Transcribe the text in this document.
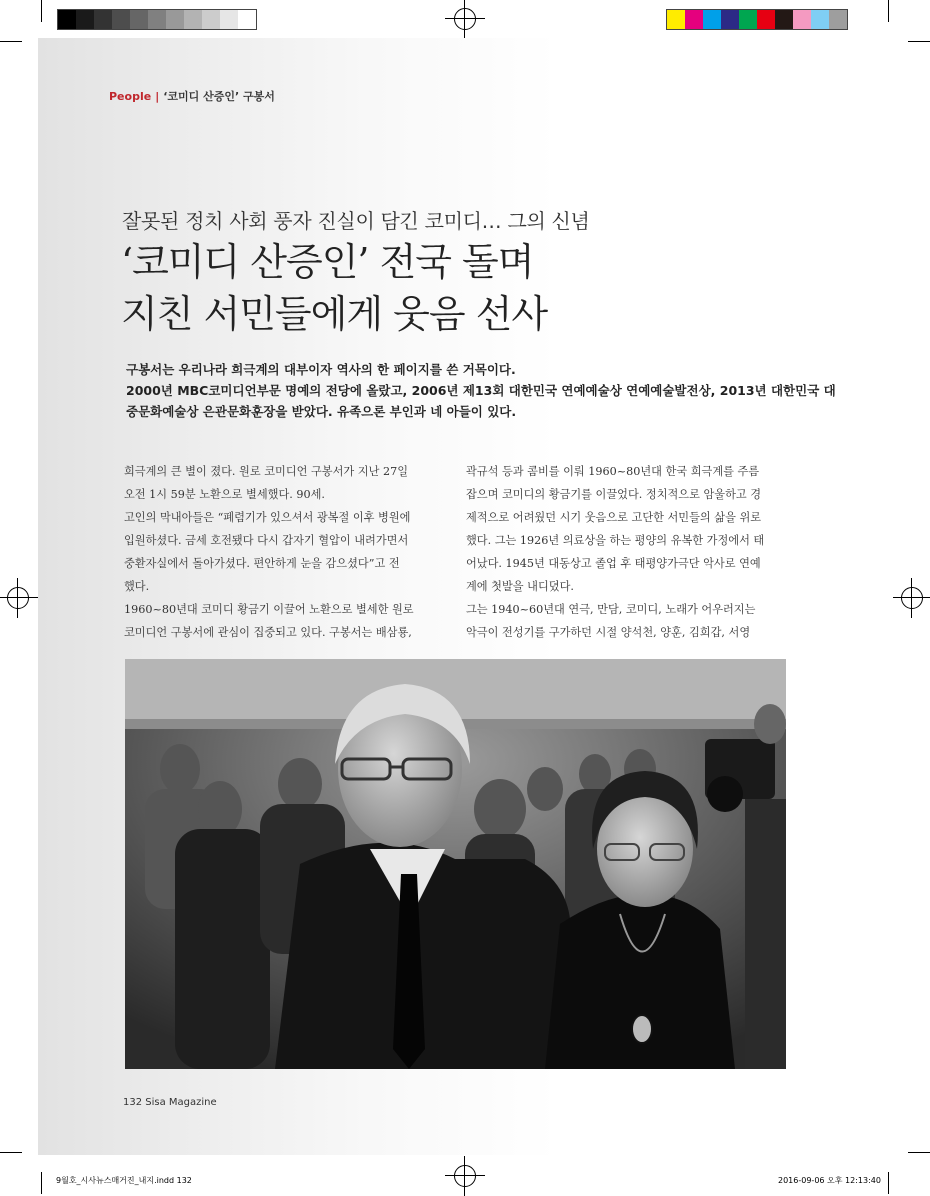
People | ‘코미디 산증인’ 구봉서
잘못된 정치 사회 풍자 진실이 담긴 코미디… 그의 신념
‘코미디 산증인’ 전국 돌며
지친 서민들에게 웃음 선사
구봉서는 우리나라 희극계의 대부이자 역사의 한 페이지를 쓴 거목이다.
2000년 MBC코미디언부문 명예의 전당에 올랐고, 2006년 제13회 대한민국 연예예술상 연예예술발전상, 2013년 대한민국 대
중문화예술상 은관문화훈장을 받았다. 유족으론 부인과 네 아들이 있다.
희극계의 큰 별이 졌다. 원로 코미디언 구봉서가 지난 27일
오전 1시 59분 노환으로 별세했다. 90세.
고인의 막내아들은 “폐렴기가 있으셔서 광복절 이후 병원에
입원하셨다. 금세 호전됐다 다시 갑자기 혈압이 내려가면서
중환자실에서 돌아가셨다. 편안하게 눈을 감으셨다”고 전
했다.
1960~80년대 코미디 황금기 이끌어 노환으로 별세한 원로
코미디언 구봉서에 관심이 집중되고 있다. 구봉서는 배삼룡,
곽규석 등과 콤비를 이뤄 1960~80년대 한국 희극계를 주름
잡으며 코미디의 황금기를 이끌었다. 정치적으로 암울하고 경
제적으로 어려웠던 시기 웃음으로 고단한 서민들의 삶을 위로
했다. 그는 1926년 의료상을 하는 평양의 유복한 가정에서 태
어났다. 1945년 대동상고 졸업 후 태평양가극단 악사로 연예
계에 첫발을 내디뎠다.
그는 1940~60년대 연극, 만담, 코미디, 노래가 어우러지는
악극이 전성기를 구가하던 시절 양석천, 양훈, 김희갑, 서영
132 Sisa Magazine
9월호_시사뉴스매거진_내지.indd 132	2016-09-06 오후 12:13:40
